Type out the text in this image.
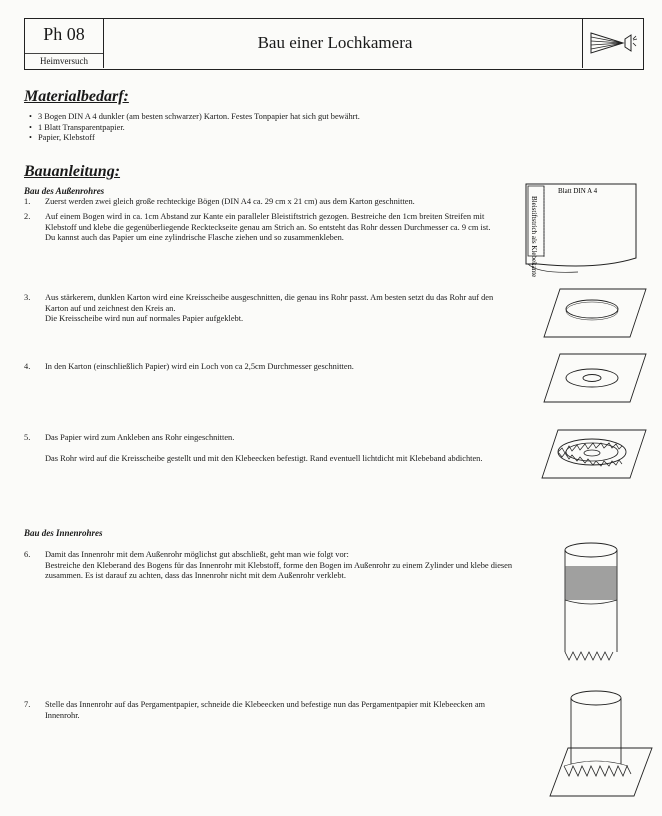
Ph 08
Heimversuch
Bau einer Lochkamera
Materialbedarf:
• 3 Bogen DIN A 4 dunkler (am besten schwarzer) Karton. Festes Tonpapier hat sich gut bewährt.
• 1 Blatt Transparentpapier.
• Papier, Klebstoff
Bauanleitung:
Bau des Außenrohres
1.	Zuerst werden zwei gleich große rechteckige Bögen (DIN A4 ca. 29 cm x 21 cm) aus dem Karton geschnitten.
2.	Auf einem Bogen wird in ca. 1cm Abstand zur Kante ein paralleler Bleistiftstrich gezogen. Bestreiche den 1cm breiten Streifen mit Klebstoff und klebe die gegenüberliegende Reckteckseite genau am Strich an. So entsteht das Rohr dessen Durchmesser ca. 9 cm ist.
Du kannst auch das Papier um eine zylindrische Flasche ziehen und so zusammenkleben.
3.	Aus stärkerem, dunklen Karton wird eine Kreisscheibe ausgeschnitten, die genau ins Rohr passt. Am besten setzt du das Rohr auf den Karton auf und zeichnest den Kreis an.
Die Kreisscheibe wird nun auf normales Papier aufgeklebt.
4.	In den Karton (einschließlich Papier) wird ein Loch von ca 2,5cm Durchmesser geschnitten.
5.	Das Papier wird zum Ankleben ans Rohr eingeschnitten.

Das Rohr wird auf die Kreisscheibe gestellt und mit den Klebeecken befestigt. Rand eventuell lichtdicht mit Klebeband abdichten.
Bau des Innenrohres
6.	Damit das Innenrohr mit dem Außenrohr möglichst gut abschließt, geht man wie folgt vor:
Bestreiche den Kleberand des Bogens für das Innenrohr mit Klebstoff, forme den Bogen im Außenrohr zu einem Zylinder und klebe diesen zusammen. Es ist darauf zu achten, dass das Innenrohr nicht mit dem Außenrohr verklebt.
7.	Stelle das Innenrohr auf das Pergamentpapier, schneide die Klebeecken und befestige nun das Pergamentpapier mit Klebeecken am Innenrohr.
Blatt DIN A 4
Bleistiftstrich als Klebekante
